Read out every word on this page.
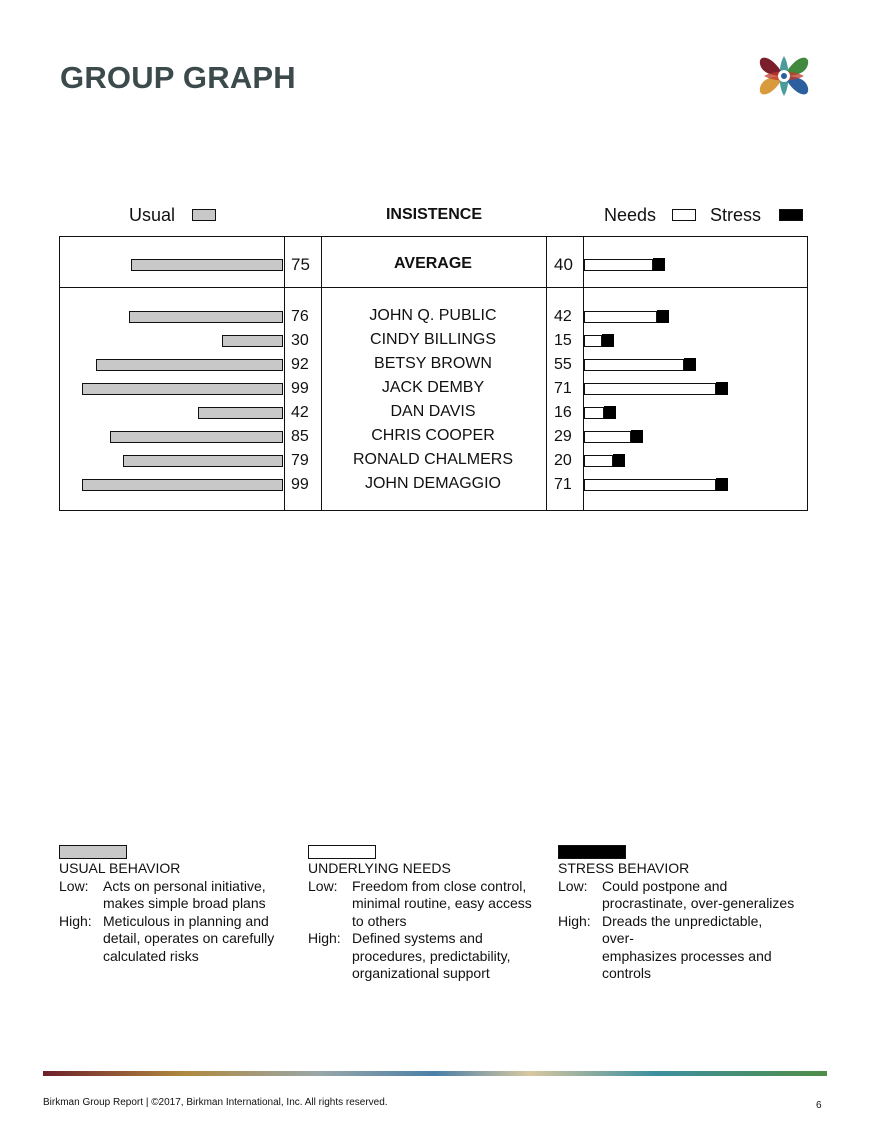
GROUP GRAPH
Usual	INSISTENCE	Needs	Stress
75	AVERAGE	40
76	JOHN Q. PUBLIC	42
30	CINDY BILLINGS	15
92	BETSY BROWN	55
99	JACK DEMBY	71
42	DAN DAVIS	16
85	CHRIS COOPER	29
79	RONALD CHALMERS	20
99	JOHN DEMAGGIO	71
USUAL BEHAVIOR
Low:	Acts on personal initiative,
makes simple broad plans
High: Meticulous in planning and
detail, operates on carefully
calculated risks
UNDERLYING NEEDS
Low:	Freedom from close control,
minimal routine, easy access
to others
High: Defined systems and
procedures, predictability,
organizational support
STRESS BEHAVIOR
Low:	Could postpone and
procrastinate, over-generalizes
High: Dreads the unpredictable, over-
emphasizes processes and
controls
Birkman Group Report | ©2017, Birkman International, Inc. All rights reserved.	6
